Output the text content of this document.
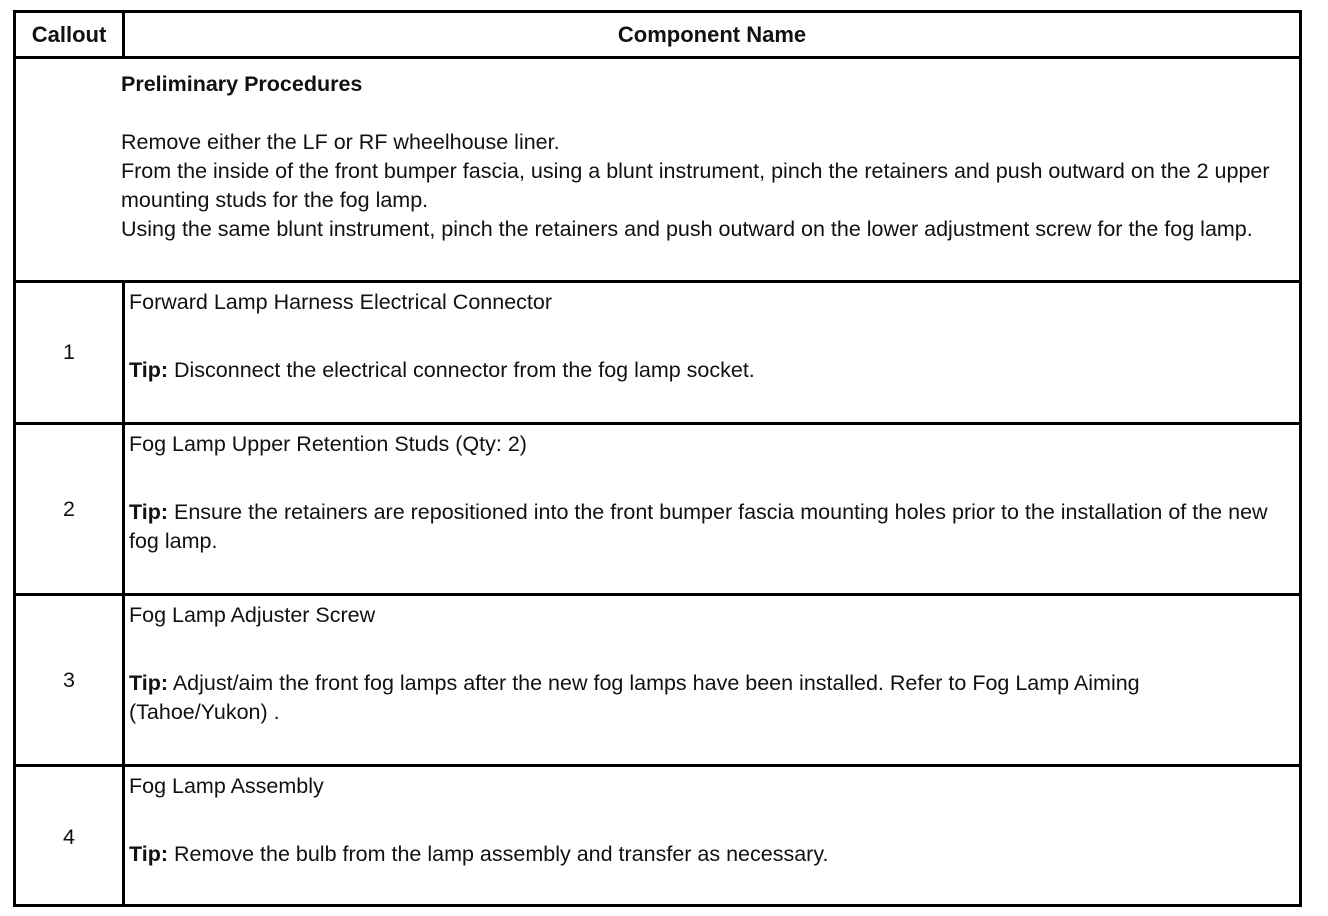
Callout	Component Name
Preliminary Procedures

Remove either the LF or RF wheelhouse liner.

From the inside of the front bumper fascia, using a blunt instrument, pinch the retainers and push outward on the 2 upper mounting studs for the fog lamp.

Using the same blunt instrument, pinch the retainers and push outward on the lower adjustment screw for the fog lamp.

1
Forward Lamp Harness Electrical Connector
Tip: Disconnect the electrical connector from the fog lamp socket.
2
Fog Lamp Upper Retention Studs (Qty: 2)
Tip: Ensure the retainers are repositioned into the front bumper fascia mounting holes prior to the installation of the new fog lamp.
3
Fog Lamp Adjuster Screw
Tip: Adjust/aim the front fog lamps after the new fog lamps have been installed. Refer to Fog Lamp Aiming (Tahoe/Yukon) .
4
Fog Lamp Assembly
Tip: Remove the bulb from the lamp assembly and transfer as necessary.
